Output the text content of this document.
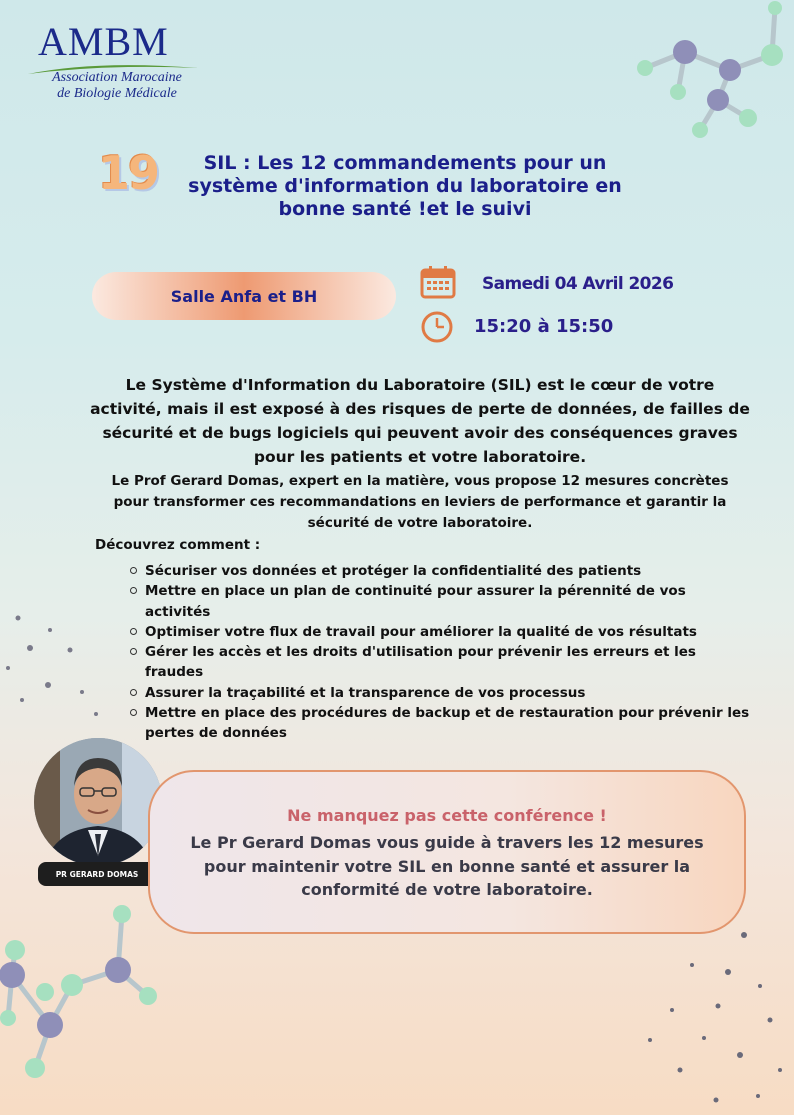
AMBM
Association Marocaine
de Biologie Médicale
19	SIL : Les 12 commandements pour un système d'information du laboratoire en bonne santé !et le suivi
Salle Anfa et BH
Samedi 04 Avril 2026
15:20 à 15:50
Le Système d'Information du Laboratoire (SIL) est le cœur de votre activité, mais il est exposé à des risques de perte de données, de failles de sécurité et de bugs logiciels qui peuvent avoir des conséquences graves pour les patients et votre laboratoire.
Le Prof Gerard Domas, expert en la matière, vous propose 12 mesures concrètes pour transformer ces recommandations en leviers de performance et garantir la sécurité de votre laboratoire.
Découvrez comment :
Sécuriser vos données et protéger la confidentialité des patients
Mettre en place un plan de continuité pour assurer la pérennité de vos activités
Optimiser votre flux de travail pour améliorer la qualité de vos résultats
Gérer les accès et les droits d'utilisation pour prévenir les erreurs et les fraudes
Assurer la traçabilité et la transparence de vos processus
Mettre en place des procédures de backup et de restauration pour prévenir les pertes de données
PR GERARD DOMAS
Ne manquez pas cette conférence !
Le Pr Gerard Domas vous guide à travers les 12 mesures pour maintenir votre SIL en bonne santé et assurer la conformité de votre laboratoire.
